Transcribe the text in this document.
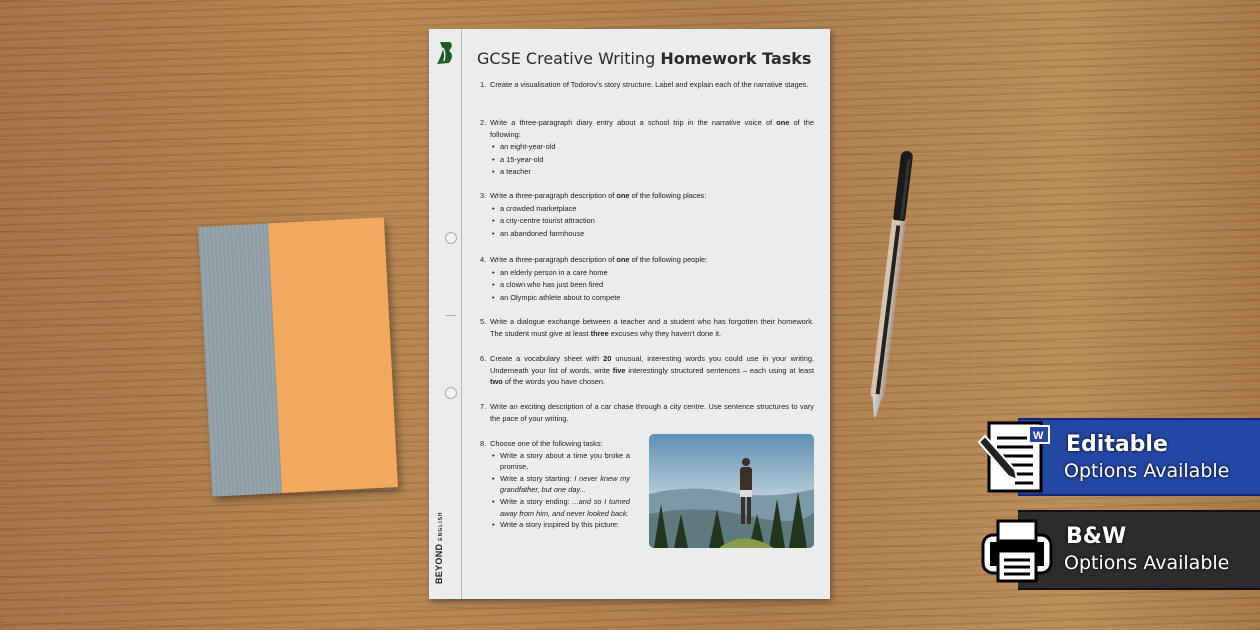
BEYONDENGLISH
GCSE Creative Writing Homework Tasks
1. Create a visualisation of Todorov's story structure. Label and explain each of the narrative stages.
2. Write a three-paragraph diary entry about a school trip in the narrative voice of one of the following:
• an eight-year-old
• a 15-year-old
• a teacher
3. Write a three-paragraph description of one of the following places:
• a crowded marketplace
• a city-centre tourist attraction
• an abandoned farmhouse
4. Write a three-paragraph description of one of the following people:
• an elderly person in a care home
• a clown who has just been fired
• an Olympic athlete about to compete
5. Write a dialogue exchange between a teacher and a student who has forgotten their homework. The student must give at least three excuses why they haven't done it.
6. Create a vocabulary sheet with 20 unusual, interesting words you could use in your writing. Underneath your list of words, write five interestingly structured sentences – each using at least two of the words you have chosen.
7. Write an exciting description of a car chase through a city centre. Use sentence structures to vary the pace of your writing.
8. Choose one of the following tasks:
• Write a story about a time you broke a promise.
• Write a story starting: I never knew my grandfather, but one day...
• Write a story ending: ...and so I turned away from him, and never looked back.
• Write a story inspired by this picture:
Editable
Options Available
W
B&W
Options Available
